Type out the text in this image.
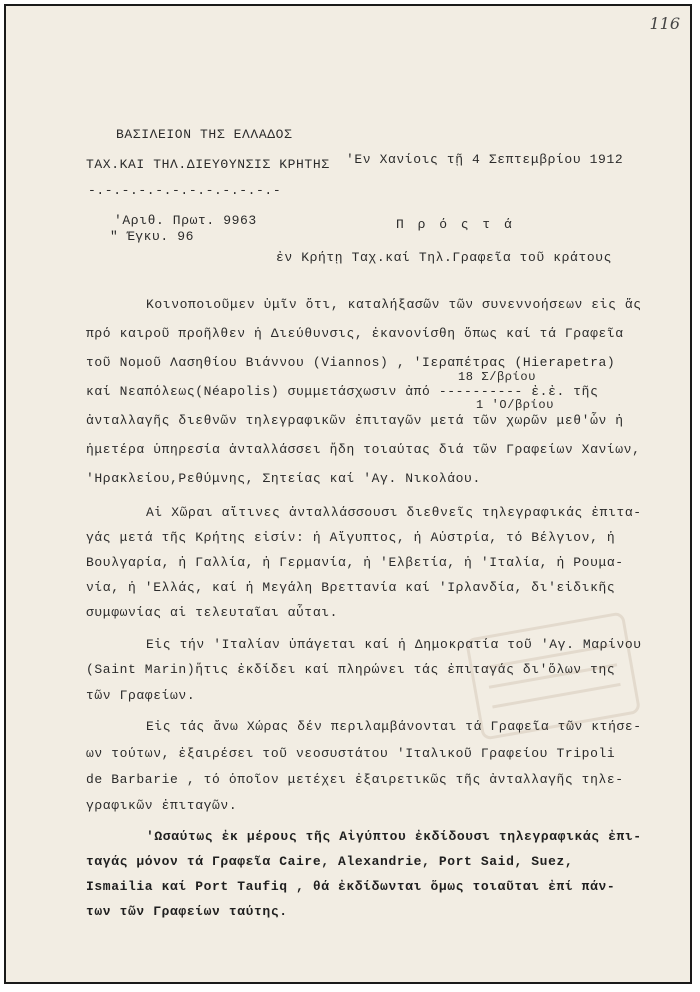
116
ΒΑΣΙΛΕΙΟΝ ΤΗΣ ΕΛΛΑΔΟΣ
ΤΑΧ.ΚΑΙ ΤΗΛ.ΔΙΕΥΘΥΝΣΙΣ ΚΡΗΤΗΣ 'Εν Χανίοις τῇ 4 Σεπτεμβρίου 1912
-.-.-.-.-.-.-.-.-.-.-.-
'Αριθ. Πρωτ. 9963
" Έγκυ. 96
Π ρ ό ς τ ά
ἐν Κρήτῃ Ταχ.καί Τηλ.Γραφεῖα τοῦ κράτους
18 Σ/βρίου
1 'Ο/βρίου
Κοινοποιοῦμεν ὑμῖν ὅτι, καταλήξασῶν τῶν συνεννοήσεων εἰς ἅς
πρό καιροῦ προῆλθεν ἡ Διεύθυνσις, ἐκανονίσθη ὅπως καί τά Γραφεῖα
τοῦ Νομοῦ Λασηθίου Βιάννου (Viannos) , 'Ιεραπέτρας (Hierapetra)
καί Νεαπόλεως(Néapolis) συμμετάσχωσιν ἀπό ---------- ἐ.ἐ. τῆς
ἀνταλλαγῆς διεθνῶν τηλεγραφικῶν ἐπιταγῶν μετά τῶν χωρῶν μεθ'ὧν ἡ
ἡμετέρα ὑπηρεσία ἀνταλλάσσει ἤδη τοιαύτας διά τῶν Γραφείων Χανίων,
'Ηρακλείου,Ρεθύμνης, Σητείας καί 'Αγ. Νικολάου.
Αἱ Χῶραι αἵτινες ἀνταλλάσσουσι διεθνεῖς τηλεγραφικάς ἐπιτα-
γάς μετά τῆς Κρήτης εἰσίν: ἡ Αἴγυπτος, ἡ Αὐστρία, τό Βέλγιον, ἡ
Βουλγαρία, ἡ Γαλλία, ἡ Γερμανία, ἡ 'Ελβετία, ἡ 'Ιταλία, ἡ Ρουμα-
νία, ἡ 'Ελλάς, καί ἡ Μεγάλη Βρεττανία καί 'Ιρλανδία, δι'εἰδικῆς
συμφωνίας αἱ τελευταῖαι αὗται.
Εἰς τήν 'Ιταλίαν ὑπάγεται καί ἡ Δημοκρατία τοῦ 'Αγ. Μαρίνου
(Saint Marin)ἥτις ἐκδίδει καί πληρώνει τάς ἐπιταγάς δι'ὅλων της
τῶν Γραφείων.
Εἰς τάς ἄνω Χώρας δέν περιλαμβάνονται τά Γραφεῖα τῶν κτήσε-
ων τούτων, ἐξαιρέσει τοῦ νεοσυστάτου 'Ιταλικοῦ Γραφείου Tripoli
de Barbarie , τό ὁποῖον μετέχει ἐξαιρετικῶς τῆς ἀνταλλαγῆς τηλε-
γραφικῶν ἐπιταγῶν.
'Ωσαύτως ἐκ μέρους τῆς Αἰγύπτου ἐκδίδουσι τηλεγραφικάς ἐπι-
ταγάς μόνον τά Γραφεῖα Caire, Alexandrie, Port Said, Suez,
Ismailia καί Port Taufiq , θά ἐκδίδωνται ὅμως τοιαῦται ἐπί πάν-
των τῶν Γραφείων ταύτης.
